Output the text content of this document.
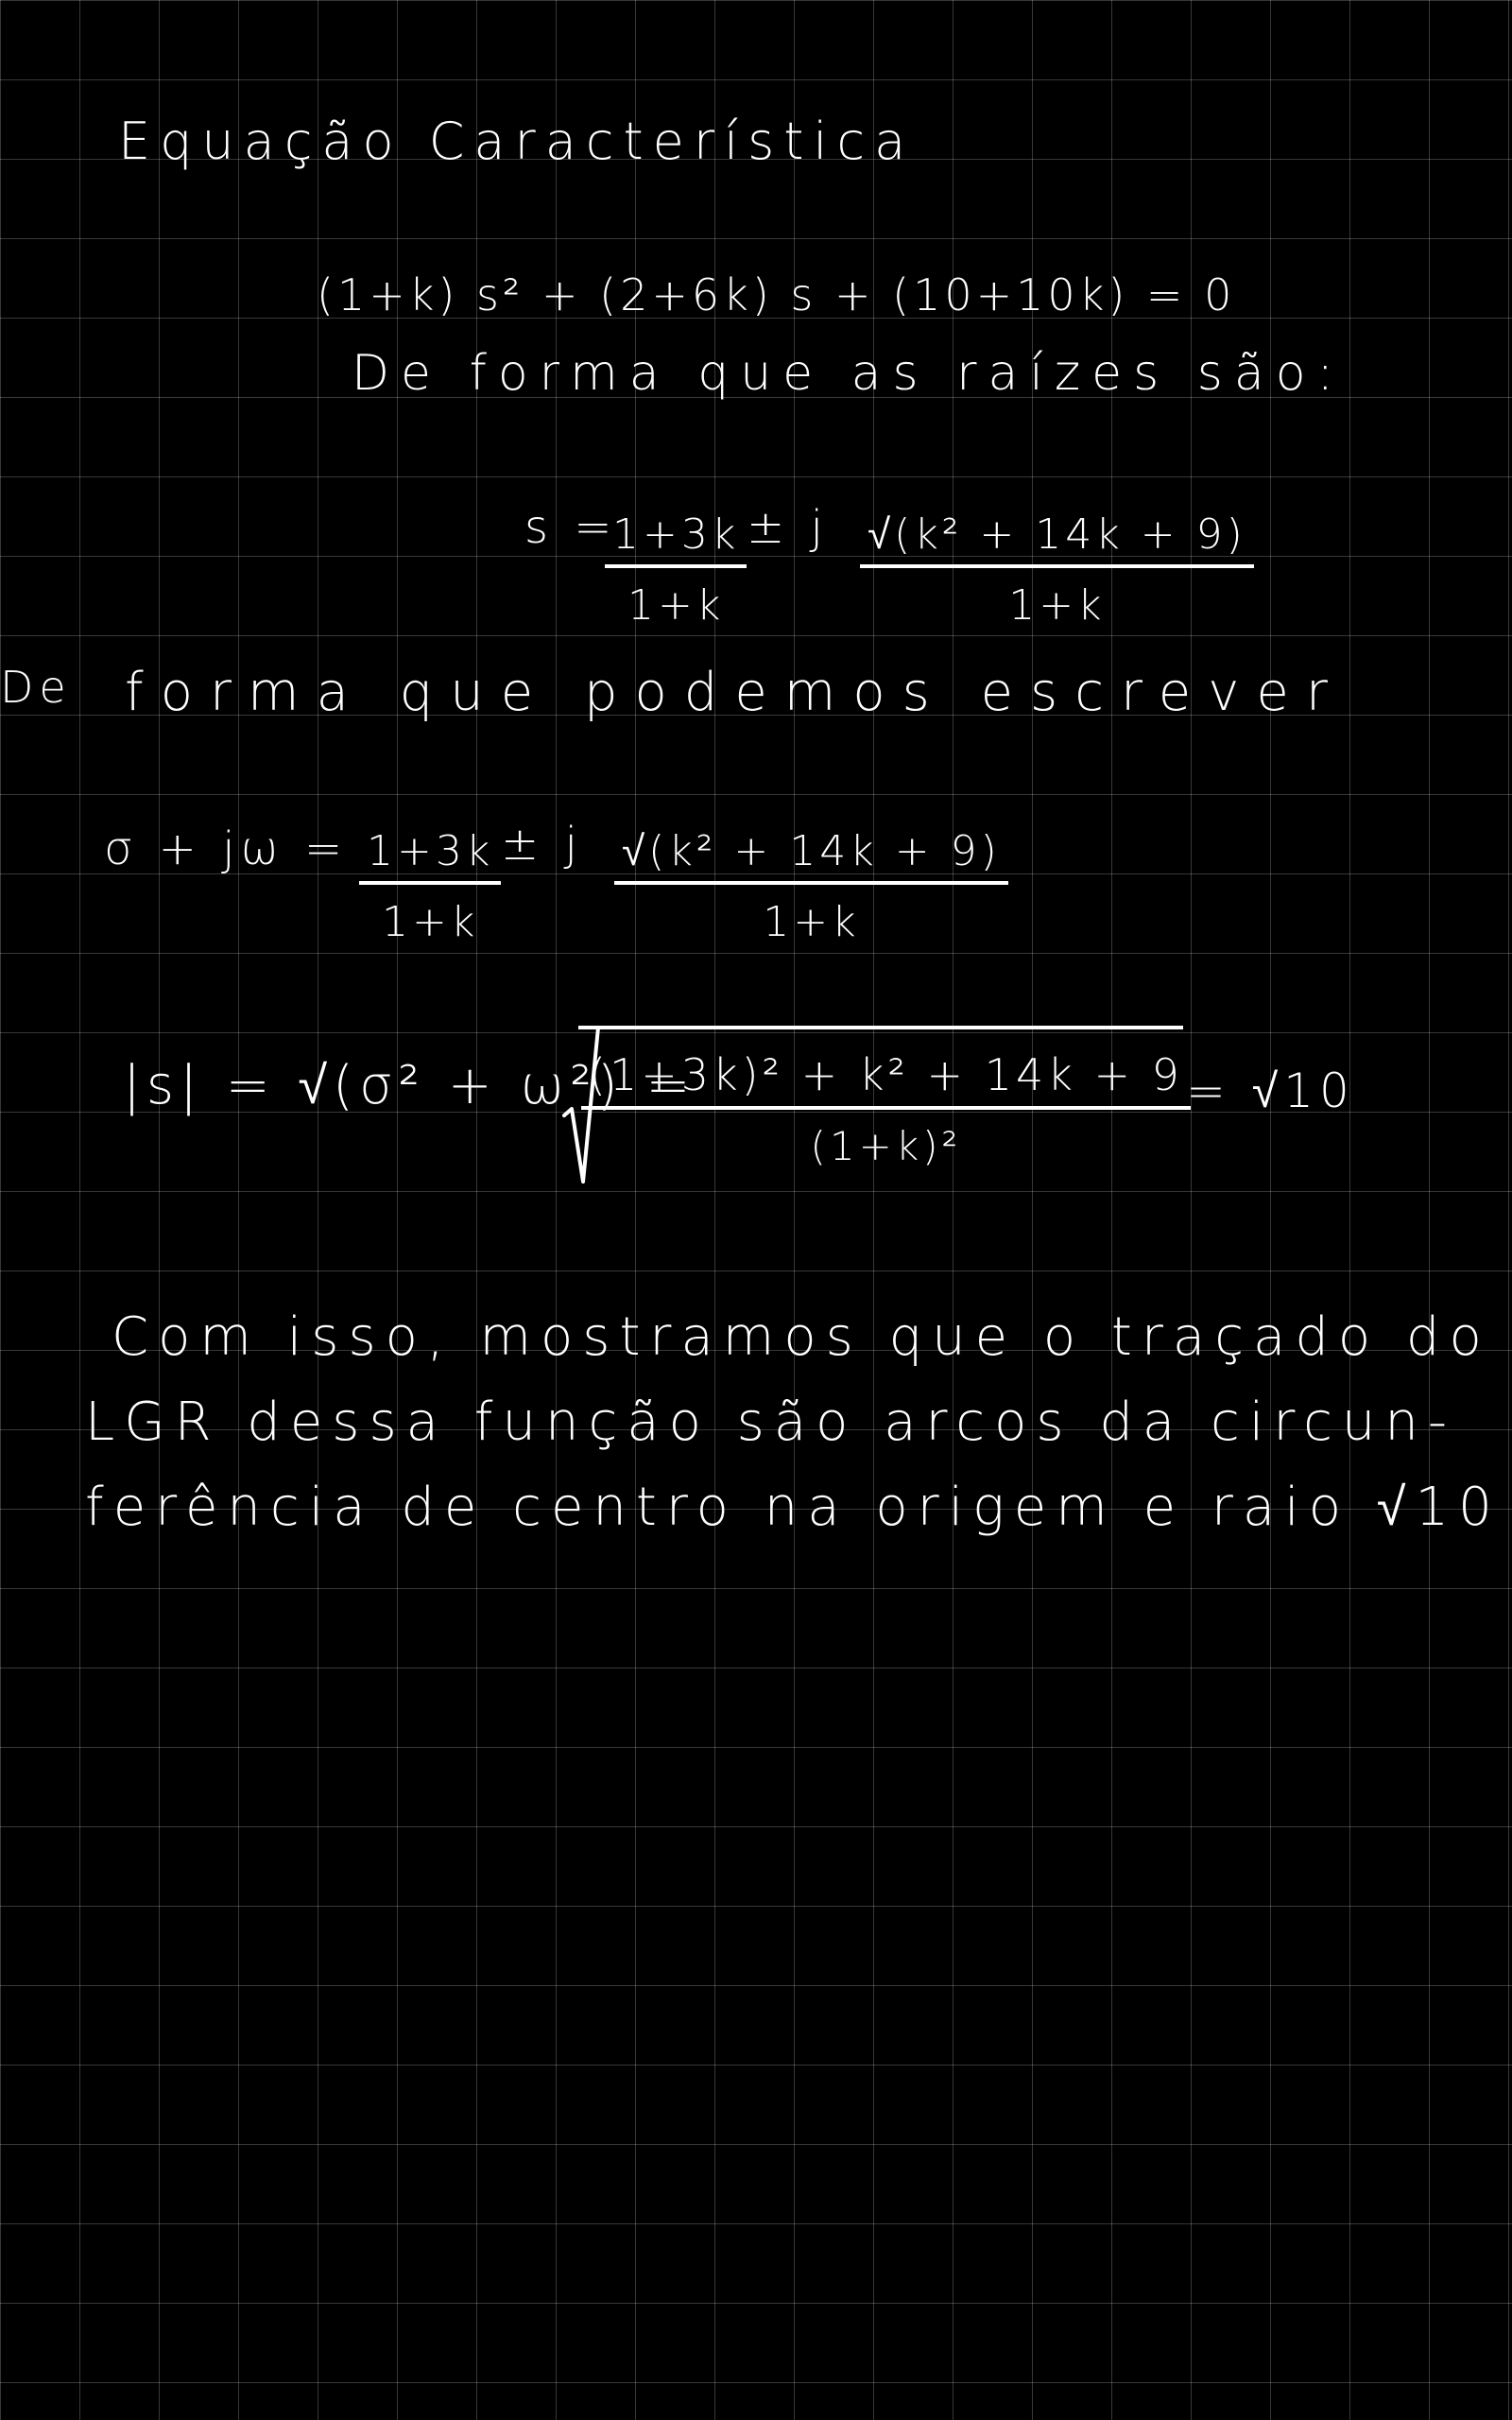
Equação Característica
(1+k) s² + (2+6k) s + (10+10k) = 0
De forma que as raízes são:
s =
$\frac{1+3k}{1+k} \pm j \frac{\text{√(k² + 14k + 9)}}{1+k}$
De forma que podemos escrever
$\sigma + j\omega = \frac{1+3k}{1+k} \pm j \frac{\text{√(k² + 14k + 9)}}{1+k}$
|s| = √(σ² + ω²) =
$\frac{\text{(1+3k)² + k² + 14k + 9}}{\text{(1+k)²}}$
= √10
Com isso, mostramos que o traçado do
LGR dessa função são arcos da circun-
ferência de centro na origem e raio √10
